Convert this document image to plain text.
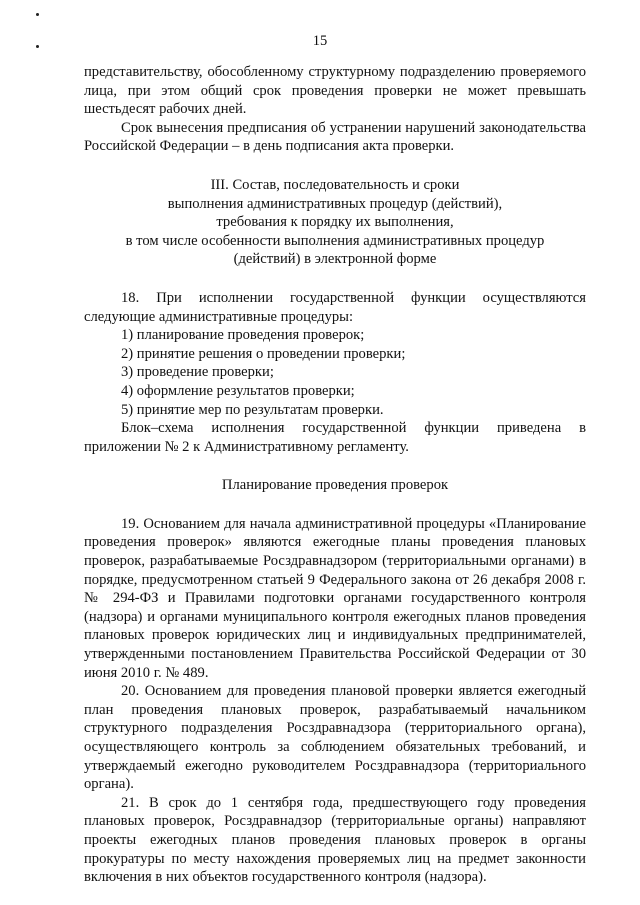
15

представительству, обособленному структурному подразделению проверяемого лица, при этом общий срок проведения проверки не может превышать шестьдесят рабочих дней.

Срок вынесения предписания об устранении нарушений законодательства Российской Федерации – в день подписания акта проверки.

III. Состав, последовательность и сроки

выполнения административных процедур (действий),

требования к порядку их выполнения,

в том числе особенности выполнения административных процедур

(действий) в электронной форме

18. При исполнении государственной функции осуществляются следующие административные процедуры:

1) планирование проведения проверок;

2) принятие решения о проведении проверки;

3) проведение проверки;

4) оформление результатов проверки;

5) принятие мер по результатам проверки.

Блок–схема исполнения государственной функции приведена в приложении № 2 к Административному регламенту.

Планирование проведения проверок

19. Основанием для начала административной процедуры «Планирование проведения проверок» являются ежегодные планы проведения плановых проверок, разрабатываемые Росздравнадзором (территориальными органами) в порядке, предусмотренном статьей 9 Федерального закона от 26 декабря 2008 г. № 294-ФЗ и Правилами подготовки органами государственного контроля (надзора) и органами муниципального контроля ежегодных планов проведения плановых проверок юридических лиц и индивидуальных предпринимателей, утвержденными постановлением Правительства Российской Федерации от 30 июня 2010 г. № 489.

20. Основанием для проведения плановой проверки является ежегодный план проведения плановых проверок, разрабатываемый начальником структурного подразделения Росздравнадзора (территориального органа), осуществляющего контроль за соблюдением обязательных требований, и утверждаемый ежегодно руководителем Росздравнадзора (территориального органа).

21. В срок до 1 сентября года, предшествующего году проведения плановых проверок, Росздравнадзор (территориальные органы) направляют проекты ежегодных планов проведения плановых проверок в органы прокуратуры по месту нахождения проверяемых лиц на предмет законности включения в них объектов государственного контроля (надзора).
